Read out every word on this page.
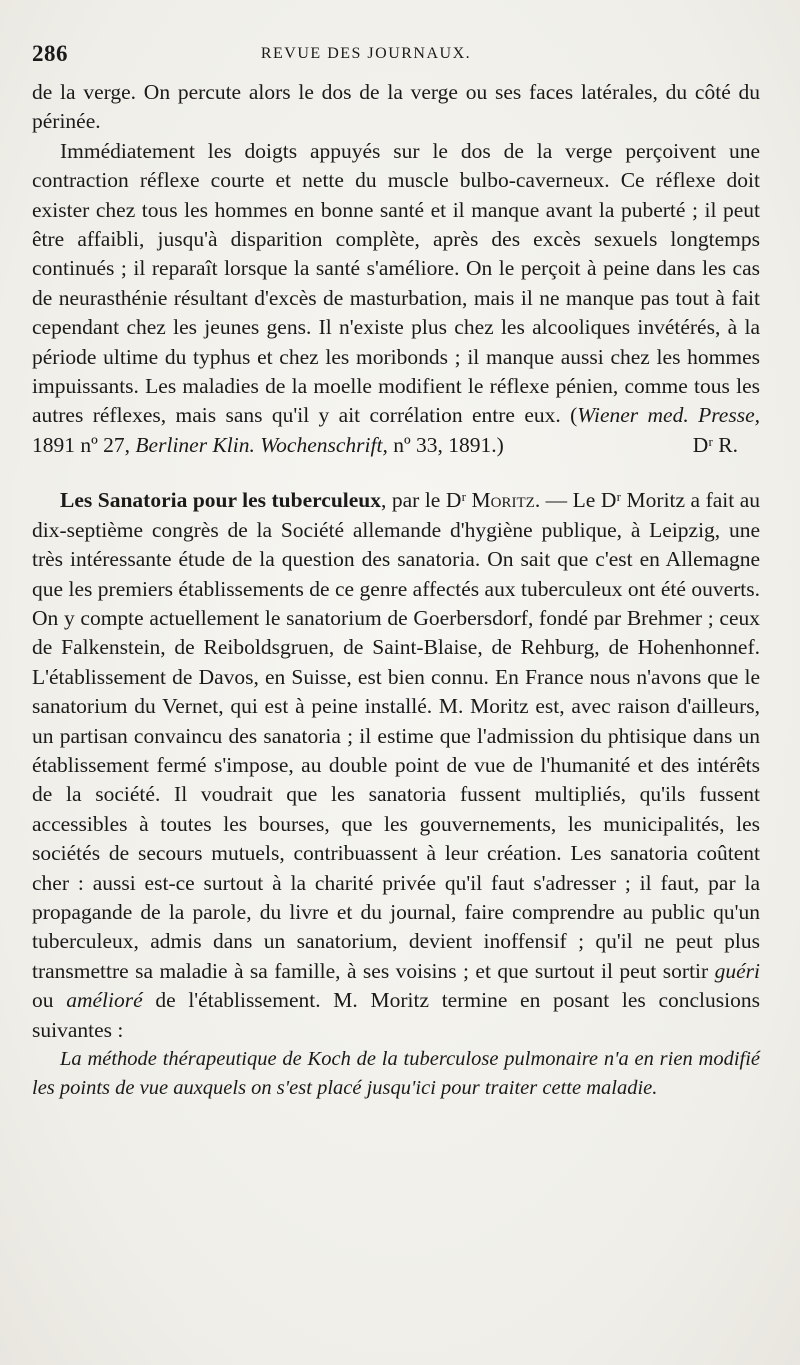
286	REVUE DES JOURNAUX.

de la verge. On percute alors le dos de la verge ou ses faces latérales, du côté du périnée.

Immédiatement les doigts appuyés sur le dos de la verge perçoivent une contraction réflexe courte et nette du muscle bulbo-caverneux. Ce réflexe doit exister chez tous les hommes en bonne santé et il manque avant la puberté ; il peut être affaibli, jusqu'à disparition complète, après des excès sexuels longtemps continués ; il reparaît lorsque la santé s'améliore. On le perçoit à peine dans les cas de neurasthénie résultant d'excès de masturbation, mais il ne manque pas tout à fait cependant chez les jeunes gens. Il n'existe plus chez les alcooliques invétérés, à la période ultime du typhus et chez les moribonds ; il manque aussi chez les hommes impuissants. Les maladies de la moelle modifient le réflexe pénien, comme tous les autres réflexes, mais sans qu'il y ait corrélation entre eux. (Wiener med. Presse, 1891 nº 27, Berliner Klin. Wochenschrift, nº 33, 1891.)	Dʳ R.

Les Sanatoria pour les tuberculeux, par le Dʳ Moritz. — Le Dʳ Moritz a fait au dix-septième congrès de la Société allemande d'hygiène publique, à Leipzig, une très intéressante étude de la question des sanatoria. On sait que c'est en Allemagne que les premiers établissements de ce genre affectés aux tuberculeux ont été ouverts. On y compte actuellement le sanatorium de Goerbersdorf, fondé par Brehmer ; ceux de Falkenstein, de Reiboldsgruen, de Saint-Blaise, de Rehburg, de Hohenhonnef. L'établissement de Davos, en Suisse, est bien connu. En France nous n'avons que le sanatorium du Vernet, qui est à peine installé. M. Moritz est, avec raison d'ailleurs, un partisan convaincu des sanatoria ; il estime que l'admission du phtisique dans un établissement fermé s'impose, au double point de vue de l'humanité et des intérêts de la société. Il voudrait que les sanatoria fussent multipliés, qu'ils fussent accessibles à toutes les bourses, que les gouvernements, les municipalités, les sociétés de secours mutuels, contribuassent à leur création. Les sanatoria coûtent cher : aussi est-ce surtout à la charité privée qu'il faut s'adresser ; il faut, par la propagande de la parole, du livre et du journal, faire comprendre au public qu'un tuberculeux, admis dans un sanatorium, devient inoffensif ; qu'il ne peut plus transmettre sa maladie à sa famille, à ses voisins ; et que surtout il peut sortir guéri ou amélioré de l'établissement. M. Moritz termine en posant les conclusions suivantes :

La méthode thérapeutique de Koch de la tuberculose pulmonaire n'a en rien modifié les points de vue auxquels on s'est placé jusqu'ici pour traiter cette maladie.
